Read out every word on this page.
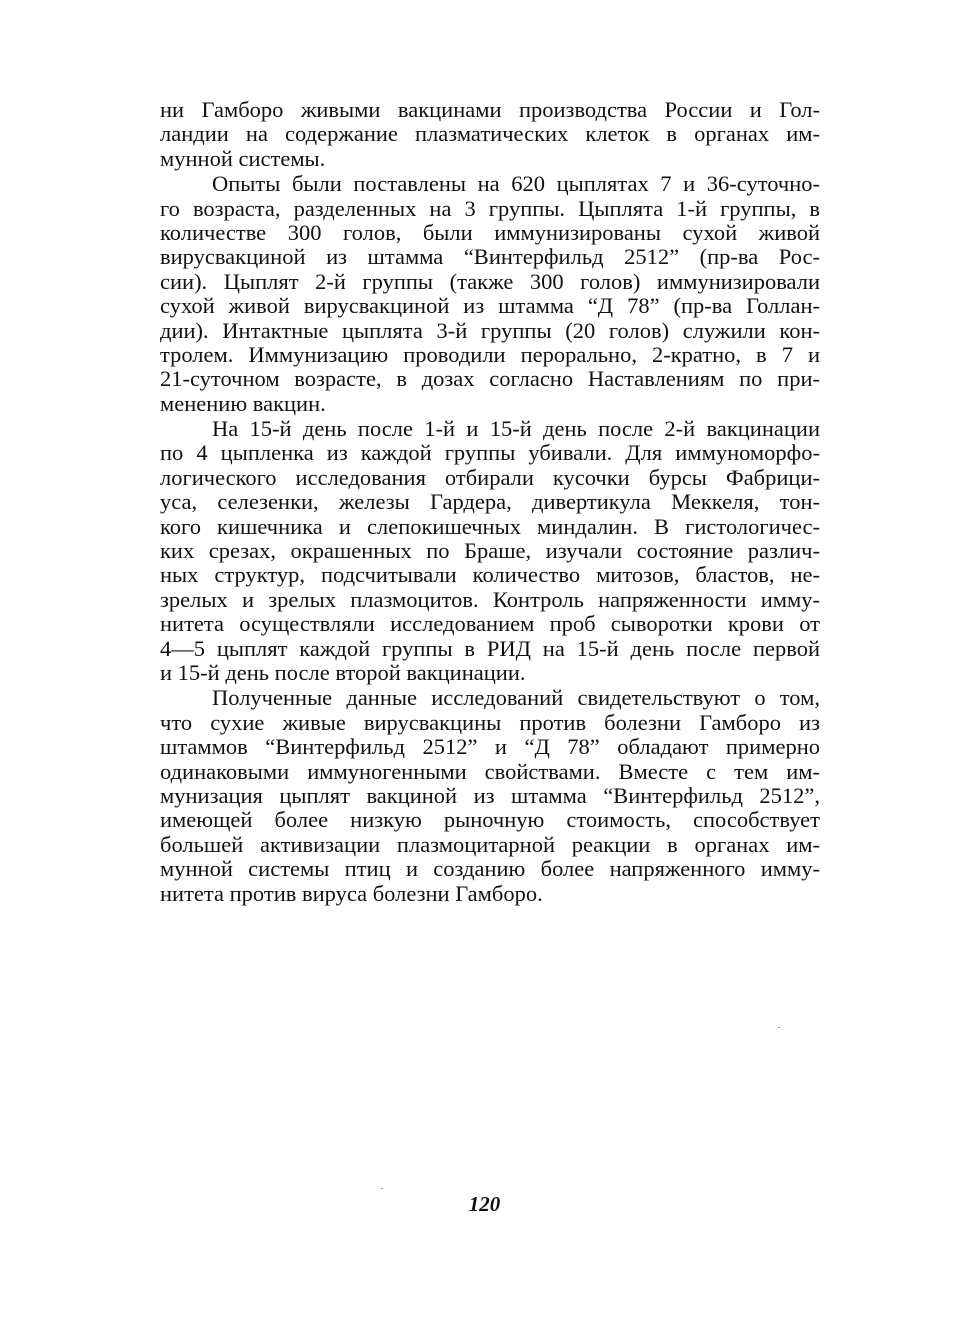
ни Гамборо живыми вакцинами производства России и Гол-
ландии на содержание плазматических клеток в органах им-
мунной системы.
Опыты были поставлены на 620 цыплятах 7 и 36-суточно-
го возраста, разделенных на 3 группы. Цыплята 1-й группы, в
количестве 300 голов, были иммунизированы сухой живой
вирусвакциной из штамма “Винтерфильд 2512” (пр-ва Рос-
сии). Цыплят 2-й группы (также 300 голов) иммунизировали
сухой живой вирусвакциной из штамма “Д 78” (пр-ва Голлан-
дии). Интактные цыплята 3-й группы (20 голов) служили кон-
тролем. Иммунизацию проводили перорально, 2-кратно, в 7 и
21-суточном возрасте, в дозах согласно Наставлениям по при-
менению вакцин.
На 15-й день после 1-й и 15-й день после 2-й вакцинации
по 4 цыпленка из каждой группы убивали. Для иммуноморфо-
логического исследования отбирали кусочки бурсы Фабрици-
уса, селезенки, железы Гардера, дивертикула Меккеля, тон-
кого кишечника и слепокишечных миндалин. В гистологичес-
ких срезах, окрашенных по Браше, изучали состояние различ-
ных структур, подсчитывали количество митозов, бластов, не-
зрелых и зрелых плазмоцитов. Контроль напряженности имму-
нитета осуществляли исследованием проб сыворотки крови от
4—5 цыплят каждой группы в РИД на 15-й день после первой
и 15-й день после второй вакцинации.
Полученные данные исследований свидетельствуют о том,
что сухие живые вирусвакцины против болезни Гамборо из
штаммов “Винтерфильд 2512” и “Д 78” обладают примерно
одинаковыми иммуногенными свойствами. Вместе с тем им-
мунизация цыплят вакциной из штамма “Винтерфильд 2512”,
имеющей более низкую рыночную стоимость, способствует
большей активизации плазмоцитарной реакции в органах им-
мунной системы птиц и созданию более напряженного имму-
нитета против вируса болезни Гамборо.
120
